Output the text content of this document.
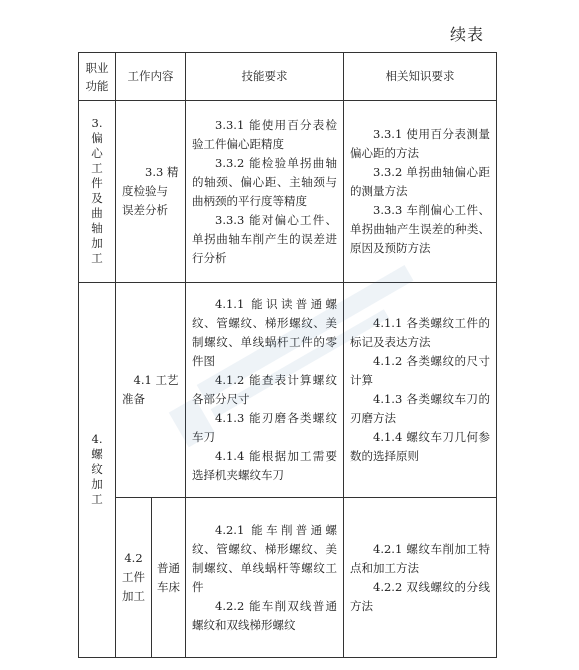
续表
职业功能	工作内容		技能要求	相关知识要求
3.偏心工件及曲轴加工	3.3 精度检验与误差分析		3.3.1 能使用百分表检验工件偏心距精度
3.3.2 能检验单拐曲轴的轴颈、偏心距、主轴颈与曲柄颈的平行度等精度
3.3.3 能对偏心工件、单拐曲轴车削产生的误差进行分析	3.3.1 使用百分表测量偏心距的方法
3.3.2 单拐曲轴偏心距的测量方法
3.3.3 车削偏心工件、单拐曲轴产生误差的种类、原因及预防方法

4.螺纹加工	4.1 工艺准备		4.1.1 能识读普通螺纹、管螺纹、梯形螺纹、美制螺纹、单线蜗杆工件的零件图
4.1.2 能查表计算螺纹各部分尺寸
4.1.3 能刃磨各类螺纹车刀
4.1.4 能根据加工需要选择机夹螺纹车刀	4.1.1 各类螺纹工件的标记及表达方法
4.1.2 各类螺纹的尺寸计算
4.1.3 各类螺纹车刀的刃磨方法
4.1.4 螺纹车刀几何参数的选择原则

	4.2 工件加工	普通车床	4.2.1 能车削普通螺纹、管螺纹、梯形螺纹、美制螺纹、单线蜗杆等螺纹工件
4.2.2 能车削双线普通螺纹和双线梯形螺纹	4.2.1 螺纹车削加工特点和加工方法
4.2.2 双线螺纹的分线方法
